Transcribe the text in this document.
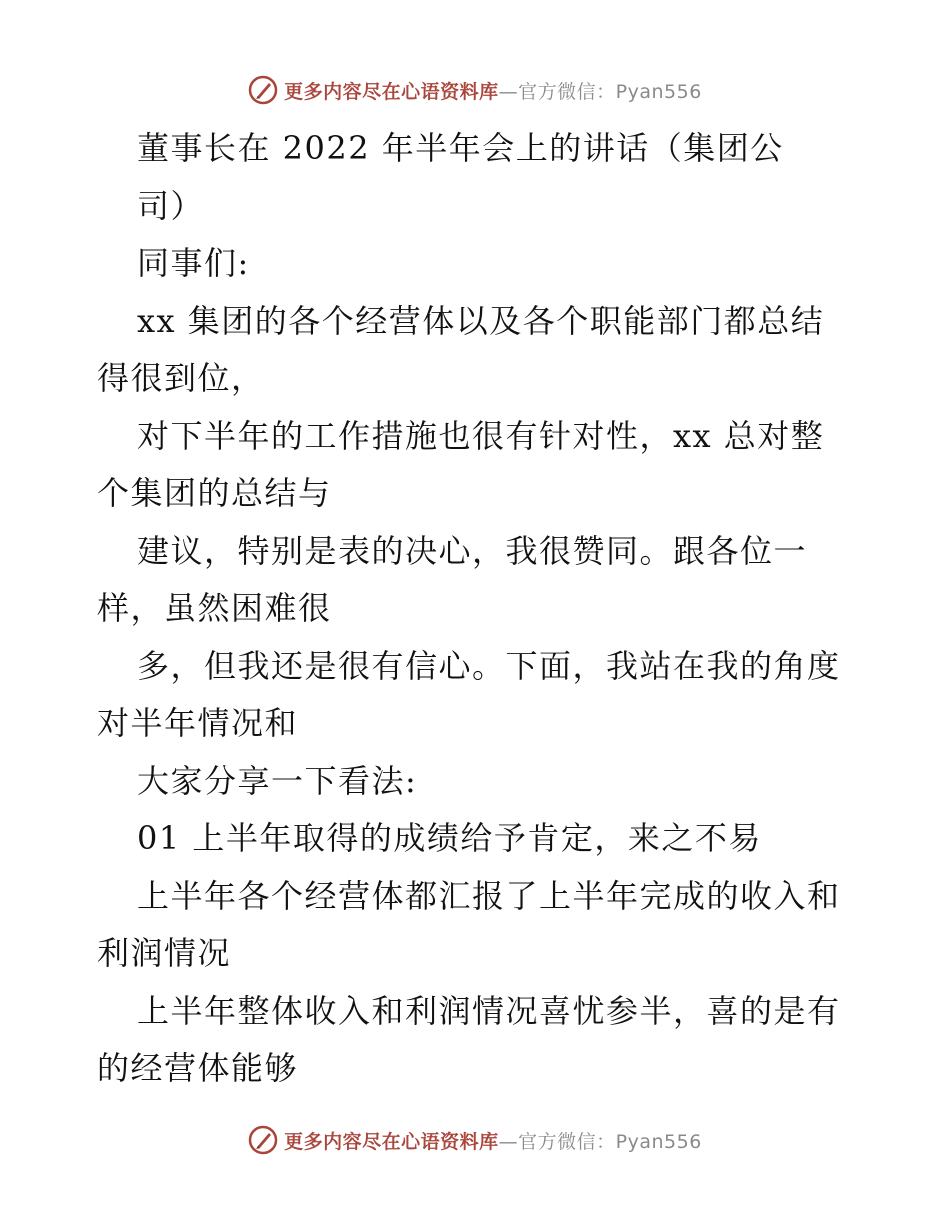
更多内容尽在心语资料库—官方微信：Pyan556
董事长在 2022 年半年会上的讲话（集团公
司）
同事们:
xx 集团的各个经营体以及各个职能部门都总结
得很到位，
对下半年的工作措施也很有针对性，xx 总对整
个集团的总结与
建议，特别是表的决心，我很赞同。跟各位一
样，虽然困难很
多，但我还是很有信心。下面，我站在我的角度
对半年情况和
大家分享一下看法:
01 上半年取得的成绩给予肯定，来之不易
上半年各个经营体都汇报了上半年完成的收入和
利润情况
上半年整体收入和利润情况喜忧参半，喜的是有
的经营体能够
更多内容尽在心语资料库—官方微信：Pyan556
